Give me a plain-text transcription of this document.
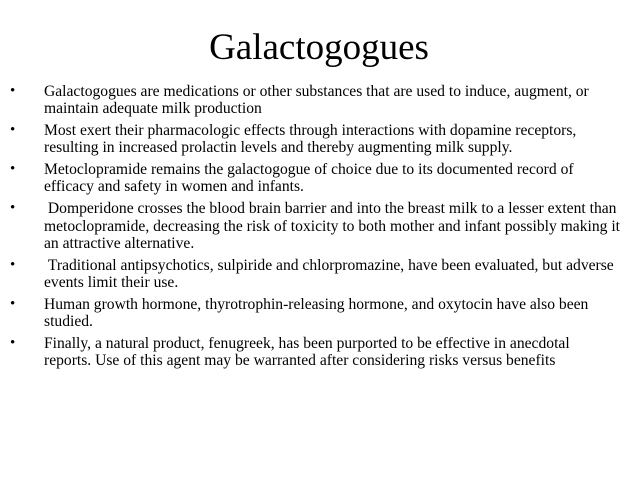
Galactogogues
• Galactogogues are medications or other substances that are used to induce, augment, or maintain adequate milk production
• Most exert their pharmacologic effects through interactions with dopamine receptors, resulting in increased prolactin levels and thereby augmenting milk supply.
• Metoclopramide remains the galactogogue of choice due to its documented record of efficacy and safety in women and infants.
• Domperidone crosses the blood brain barrier and into the breast milk to a lesser extent than metoclopramide, decreasing the risk of toxicity to both mother and infant possibly making it an attractive alternative.
• Traditional antipsychotics, sulpiride and chlorpromazine, have been evaluated, but adverse events limit their use.
• Human growth hormone, thyrotrophin-releasing hormone, and oxytocin have also been studied.
• Finally, a natural product, fenugreek, has been purported to be effective in anecdotal reports. Use of this agent may be warranted after considering risks versus benefits
